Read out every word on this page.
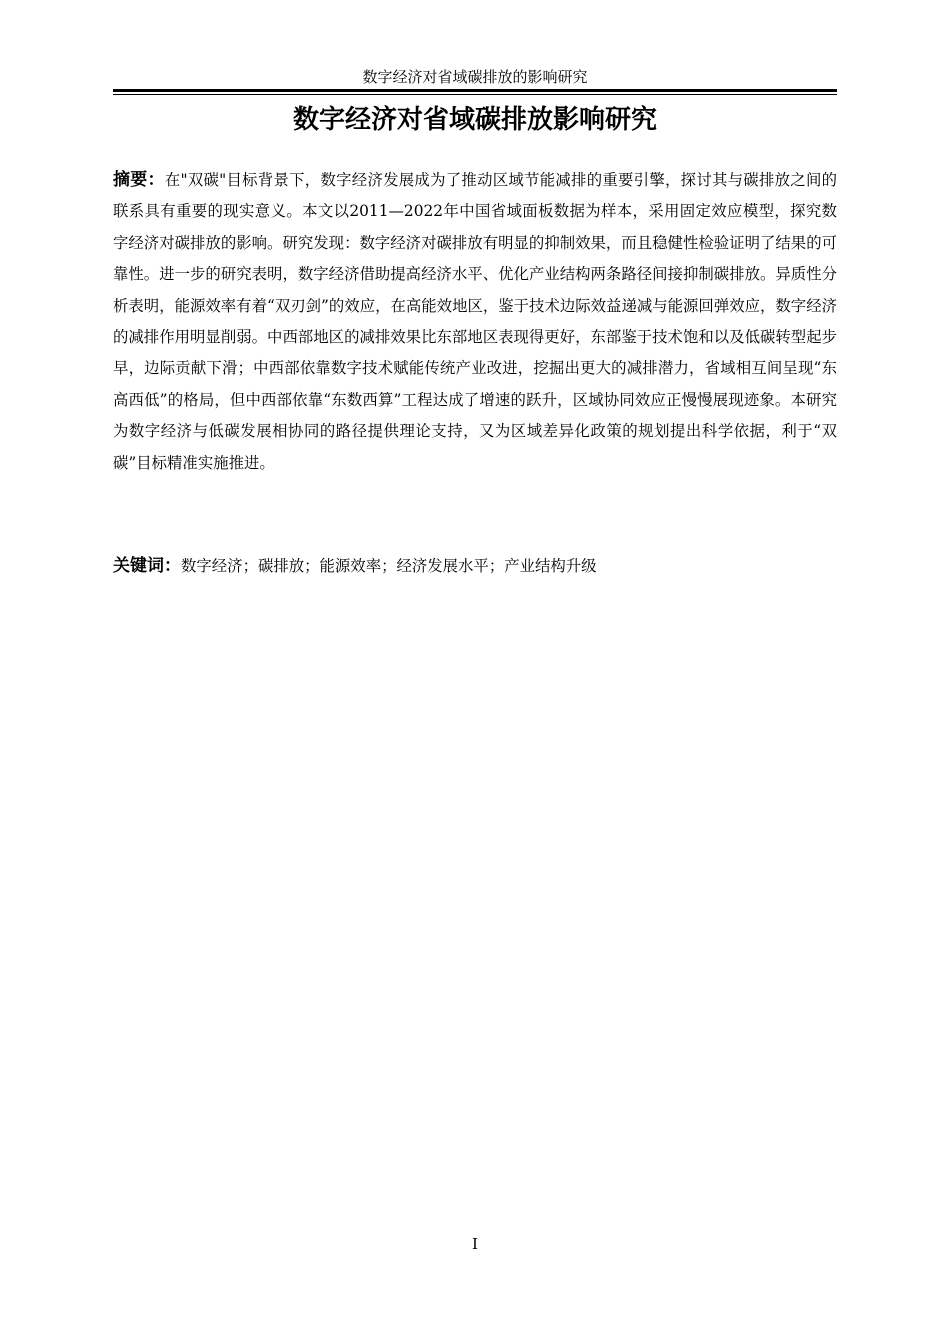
数字经济对省域碳排放的影响研究
数字经济对省域碳排放影响研究

摘要：在"双碳"目标背景下，数字经济发展成为了推动区域节能减排的重要引擎，探讨其与碳排放之间的联系具有重要的现实意义。本文以2011—2022年中国省域面板数据为样本，采用固定效应模型，探究数字经济对碳排放的影响。研究发现：数字经济对碳排放有明显的抑制效果，而且稳健性检验证明了结果的可靠性。进一步的研究表明，数字经济借助提高经济水平、优化产业结构两条路径间接抑制碳排放。异质性分析表明，能源效率有着“双刃剑”的效应，在高能效地区，鉴于技术边际效益递减与能源回弹效应，数字经济的减排作用明显削弱。中西部地区的减排效果比东部地区表现得更好，东部鉴于技术饱和以及低碳转型起步早，边际贡献下滑；中西部依靠数字技术赋能传统产业改进，挖掘出更大的减排潜力，省域相互间呈现“东高西低”的格局，但中西部依靠“东数西算”工程达成了增速的跃升，区域协同效应正慢慢展现迹象。本研究为数字经济与低碳发展相协同的路径提供理论支持，又为区域差异化政策的规划提出科学依据，利于“双碳”目标精准实施推进。

关键词：数字经济；碳排放；能源效率；经济发展水平；产业结构升级

I
